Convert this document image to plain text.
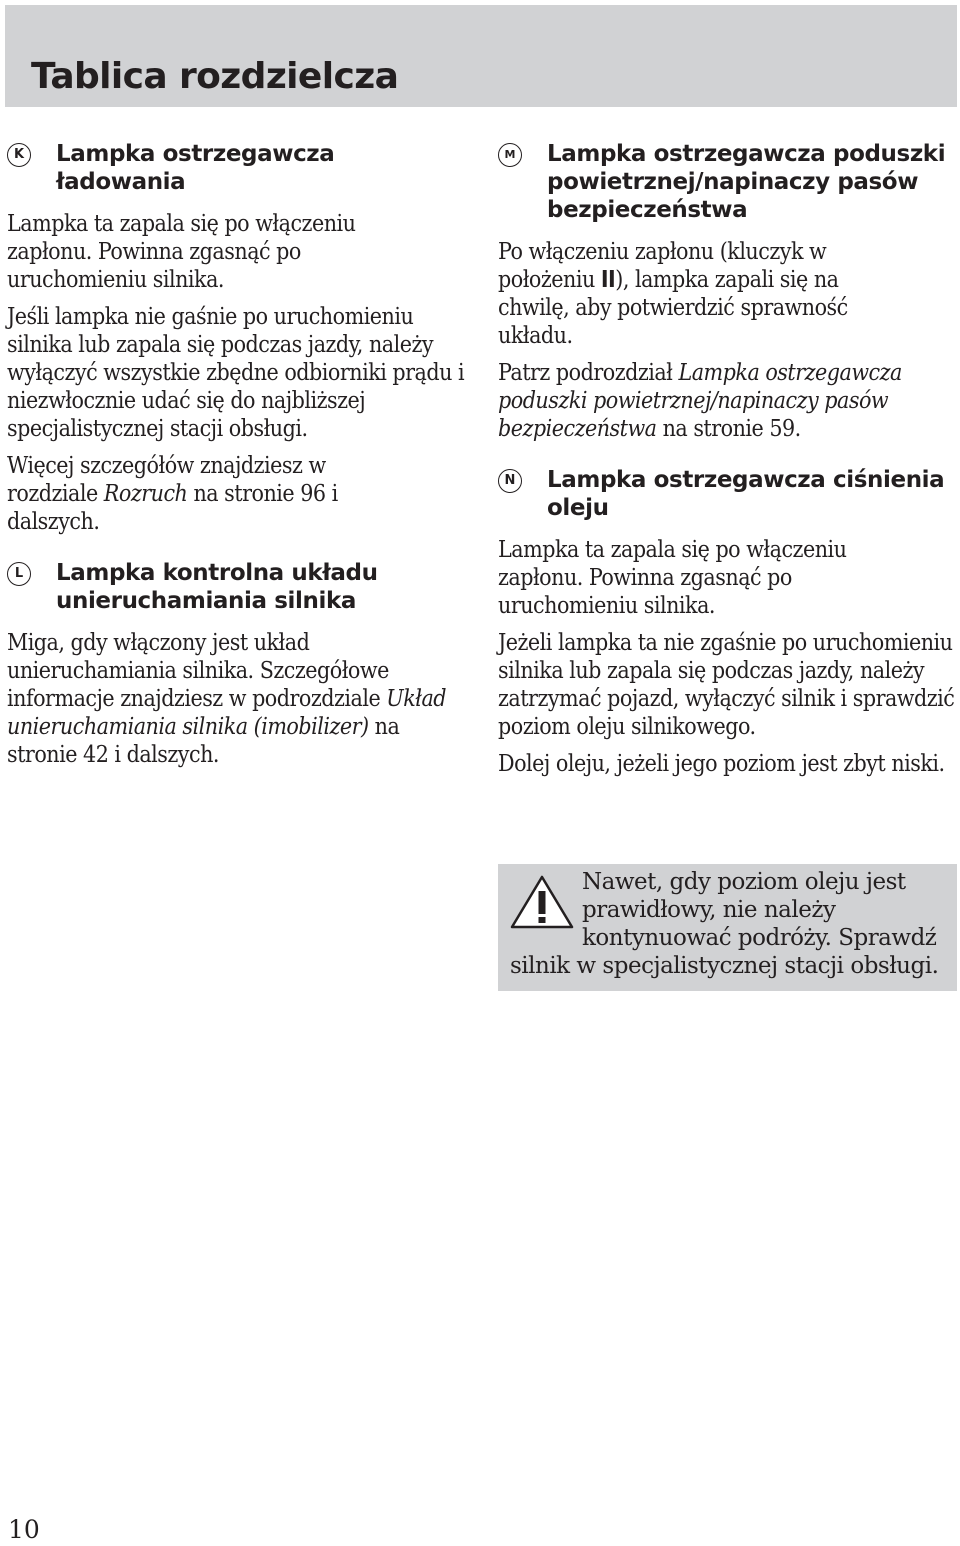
Tablica rozdzielcza
K	Lampka ostrzegawcza ładowania

Lampka ta zapala się po włączeniu zapłonu. Powinna zgasnąć po uruchomieniu silnika.

Jeśli lampka nie gaśnie po uruchomieniu silnika lub zapala się podczas jazdy, należy wyłączyć wszystkie zbędne odbiorniki prądu i niezwłocznie udać się do najbliższej specjalistycznej stacji obsługi.

Więcej szczegółów znajdziesz w rozdziale Rozruch na stronie 96 i dalszych.

L	Lampka kontrolna układu unieruchamiania silnika

Miga, gdy włączony jest układ unieruchamiania silnika. Szczegółowe informacje znajdziesz w podrozdziale Układ unieruchamiania silnika (imobilizer) na stronie 42 i dalszych.

M Lampka ostrzegawcza poduszki powietrznej/napinaczy pasów bezpieczeństwa

Po włączeniu zapłonu (kluczyk w położeniu II), lampka zapali się na chwilę, aby potwierdzić sprawność układu.

Patrz podrozdział Lampka ostrzegawcza poduszki powietrznej/napinaczy pasów bezpieczeństwa na stronie 59.

N Lampka ostrzegawcza ciśnienia oleju

Lampka ta zapala się po włączeniu zapłonu. Powinna zgasnąć po uruchomieniu silnika.

Jeżeli lampka ta nie zgaśnie po uruchomieniu silnika lub zapala się podczas jazdy, należy zatrzymać pojazd, wyłączyć silnik i sprawdzić poziom oleju silnikowego.

Dolej oleju, jeżeli jego poziom jest zbyt niski.

Nawet, gdy poziom oleju jest prawidłowy, nie należy kontynuować podróży. Sprawdź silnik w specjalistycznej stacji obsługi.

10
